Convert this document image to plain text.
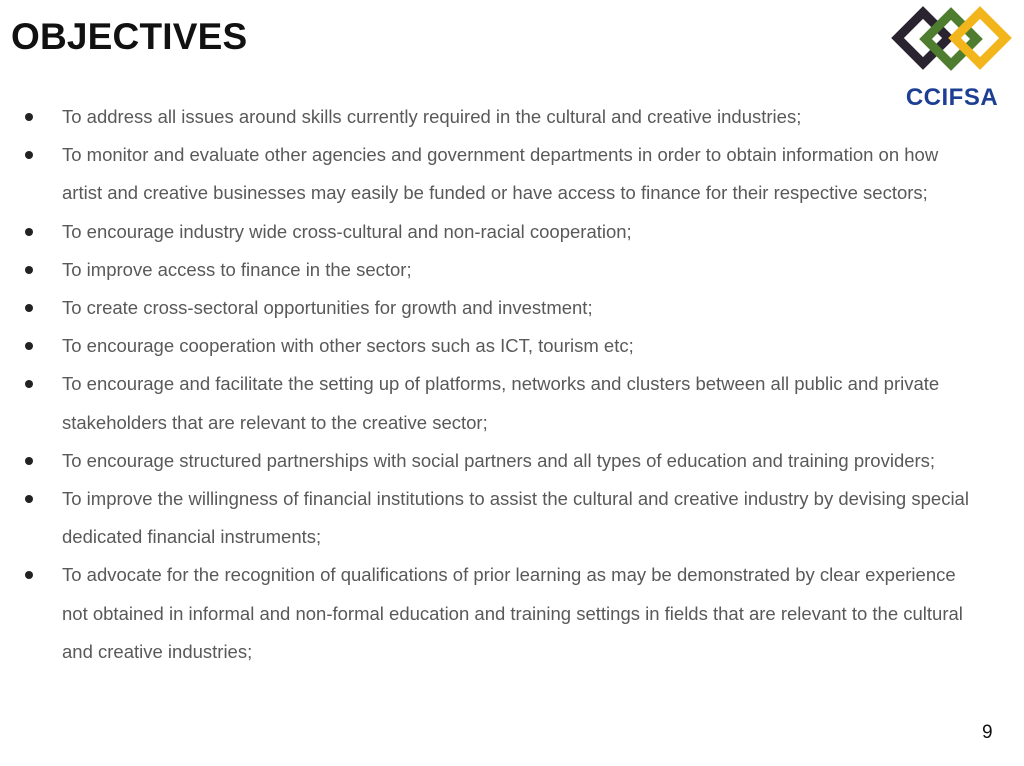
OBJECTIVES
CCIFSA
To address all issues around skills currently required in the cultural and creative industries;
To monitor and evaluate other agencies and government departments in order to obtain information on how artist and creative businesses may easily be funded or have access to finance for their respective sectors;
To encourage industry wide cross-cultural and non-racial cooperation;
To improve access to finance in the sector;
To create cross-sectoral opportunities for growth and investment;
To encourage cooperation with other sectors such as ICT, tourism etc;
To encourage and facilitate the setting up of platforms, networks and clusters between all public and private stakeholders that are relevant to the creative sector;
To encourage structured partnerships with social partners and all types of education and training providers;
To improve the willingness of financial institutions to assist the cultural and creative industry by devising special dedicated financial instruments;
To advocate for the recognition of qualifications of prior learning as may be demonstrated by clear experience not obtained in informal and non-formal education and training settings in fields that are relevant to the cultural and creative industries;
9
